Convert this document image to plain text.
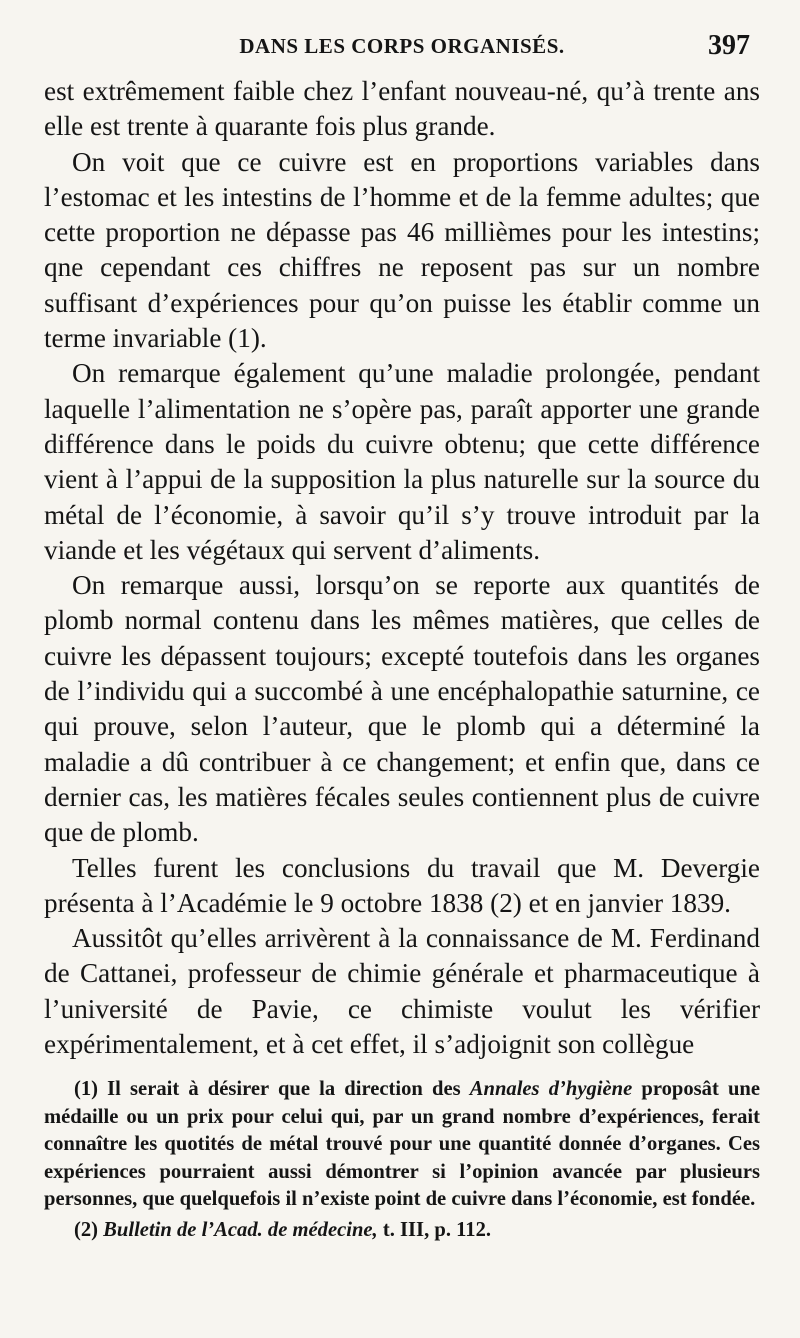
DANS LES CORPS ORGANISÉS.	397

est extrêmement faible chez l’enfant nouveau-né, qu’à trente ans elle est trente à quarante fois plus grande.

On voit que ce cuivre est en proportions variables dans l’estomac et les intestins de l’homme et de la femme adultes; que cette proportion ne dépasse pas 46 millièmes pour les intestins; qne cependant ces chiffres ne reposent pas sur un nombre suffisant d’expériences pour qu’on puisse les établir comme un terme invariable (1).

On remarque également qu’une maladie prolongée, pendant laquelle l’alimentation ne s’opère pas, paraît apporter une grande différence dans le poids du cuivre obtenu; que cette différence vient à l’appui de la supposition la plus naturelle sur la source du métal de l’économie, à savoir qu’il s’y trouve introduit par la viande et les végétaux qui servent d’aliments.

On remarque aussi, lorsqu’on se reporte aux quantités de plomb normal contenu dans les mêmes matières, que celles de cuivre les dépassent toujours; excepté toutefois dans les organes de l’individu qui a succombé à une encéphalopathie saturnine, ce qui prouve, selon l’auteur, que le plomb qui a déterminé la maladie a dû contribuer à ce changement; et enfin que, dans ce dernier cas, les matières fécales seules contiennent plus de cuivre que de plomb.

Telles furent les conclusions du travail que M. Devergie présenta à l’Académie le 9 octobre 1838 (2) et en janvier 1839.

Aussitôt qu’elles arrivèrent à la connaissance de M. Ferdinand de Cattanei, professeur de chimie générale et pharmaceutique à l’université de Pavie, ce chimiste voulut les vérifier expérimentalement, et à cet effet, il s’adjoignit son collègue

(1) Il serait à désirer que la direction des Annales d’hygiène proposât une médaille ou un prix pour celui qui, par un grand nombre d’expériences, ferait connaître les quotités de métal trouvé pour une quantité donnée d’organes. Ces expériences pourraient aussi démontrer si l’opinion avancée par plusieurs personnes, que quelquefois il n’existe point de cuivre dans l’économie, est fondée.

(2) Bulletin de l’Acad. de médecine, t. III, p. 112.
